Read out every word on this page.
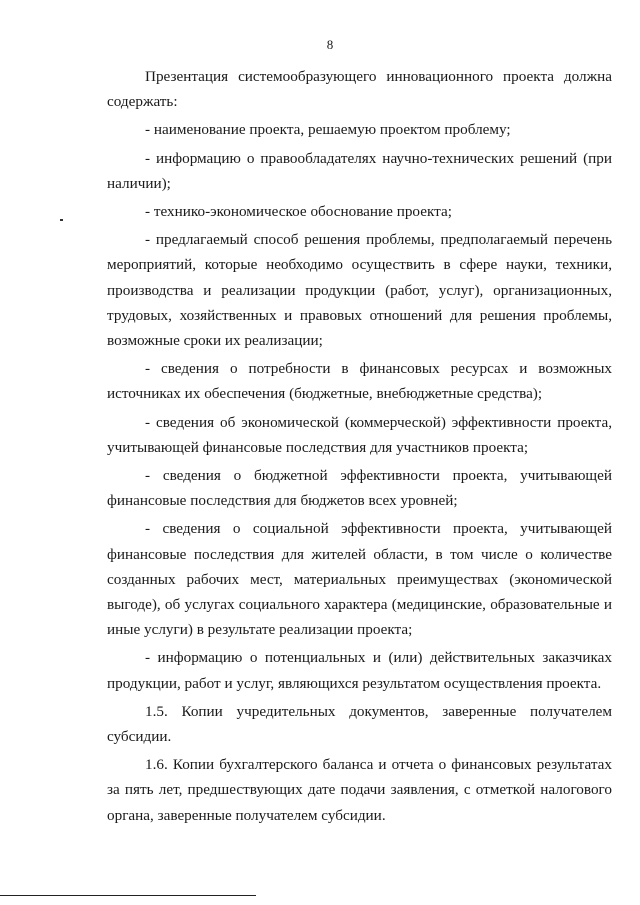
8

Презентация системообразующего инновационного проекта должна содержать:

- наименование проекта, решаемую проектом проблему;

- информацию о правообладателях научно-технических решений (при наличии);

- технико-экономическое обоснование проекта;

- предлагаемый способ решения проблемы, предполагаемый перечень мероприятий, которые необходимо осуществить в сфере науки, техники, производства и реализации продукции (работ, услуг), организационных, трудовых, хозяйственных и правовых отношений для решения проблемы, возможные сроки их реализации;

- сведения о потребности в финансовых ресурсах и возможных источниках их обеспечения (бюджетные, внебюджетные средства);

- сведения об экономической (коммерческой) эффективности проекта, учитывающей финансовые последствия для участников проекта;

- сведения о бюджетной эффективности проекта, учитывающей финансовые последствия для бюджетов всех уровней;

- сведения о социальной эффективности проекта, учитывающей финансовые последствия для жителей области, в том числе о количестве созданных рабочих мест, материальных преимуществах (экономической выгоде), об услугах социального характера (медицинские, образовательные и иные услуги) в результате реализации проекта;

- информацию о потенциальных и (или) действительных заказчиках продукции, работ и услуг, являющихся результатом осуществления проекта.

1.5. Копии учредительных документов, заверенные получателем субсидии.

1.6. Копии бухгалтерского баланса и отчета о финансовых результатах за пять лет, предшествующих дате подачи заявления, с отметкой налогового органа, заверенные получателем субсидии.
